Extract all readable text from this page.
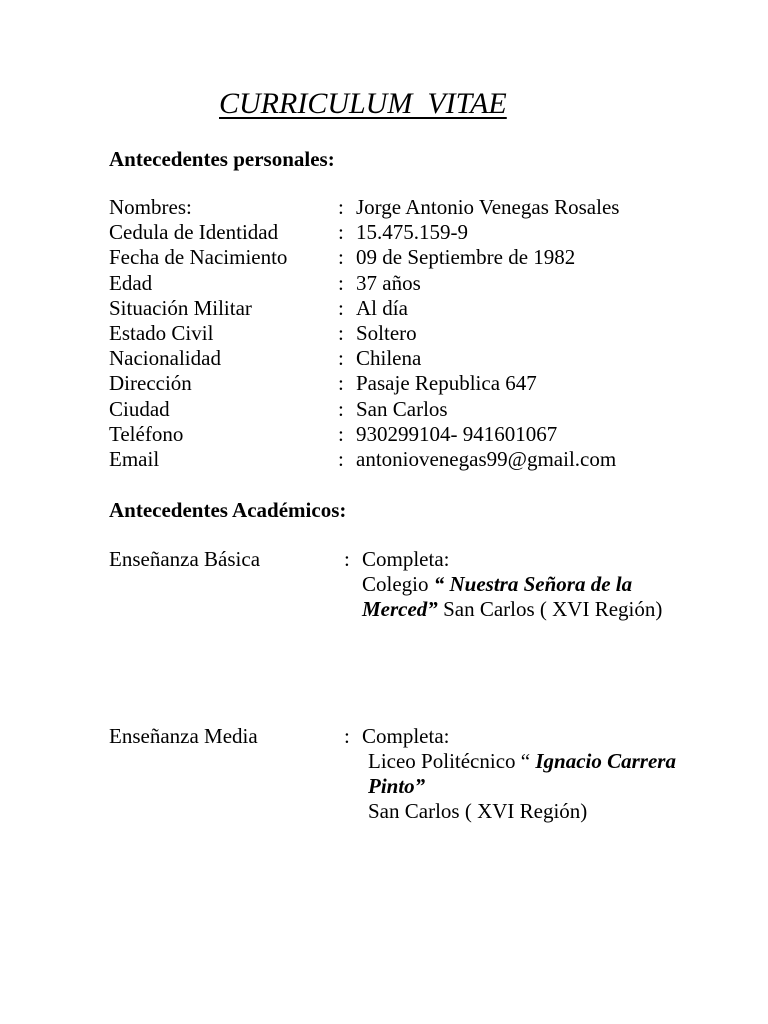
CURRICULUM  VITAE
Antecedentes personales:
Nombres:	: Jorge Antonio Venegas Rosales
Cedula de Identidad	: 15.475.159-9
Fecha de Nacimiento : 09 de Septiembre de 1982
Edad	: 37 años
Situación Militar	: Al día
Estado Civil	: Soltero
Nacionalidad	: Chilena
Dirección	: Pasaje Republica 647
Ciudad	: San Carlos
Teléfono	: 930299104- 941601067
Email	: antoniovenegas99@gmail.com
Antecedentes Académicos:
Enseñanza Básica	: Completa:
Colegio “ Nuestra Señora de la
Merced” San Carlos ( XVI Región)
Enseñanza Media	: Completa:
Liceo Politécnico “ Ignacio Carrera
Pinto”
San Carlos ( XVI Región)
